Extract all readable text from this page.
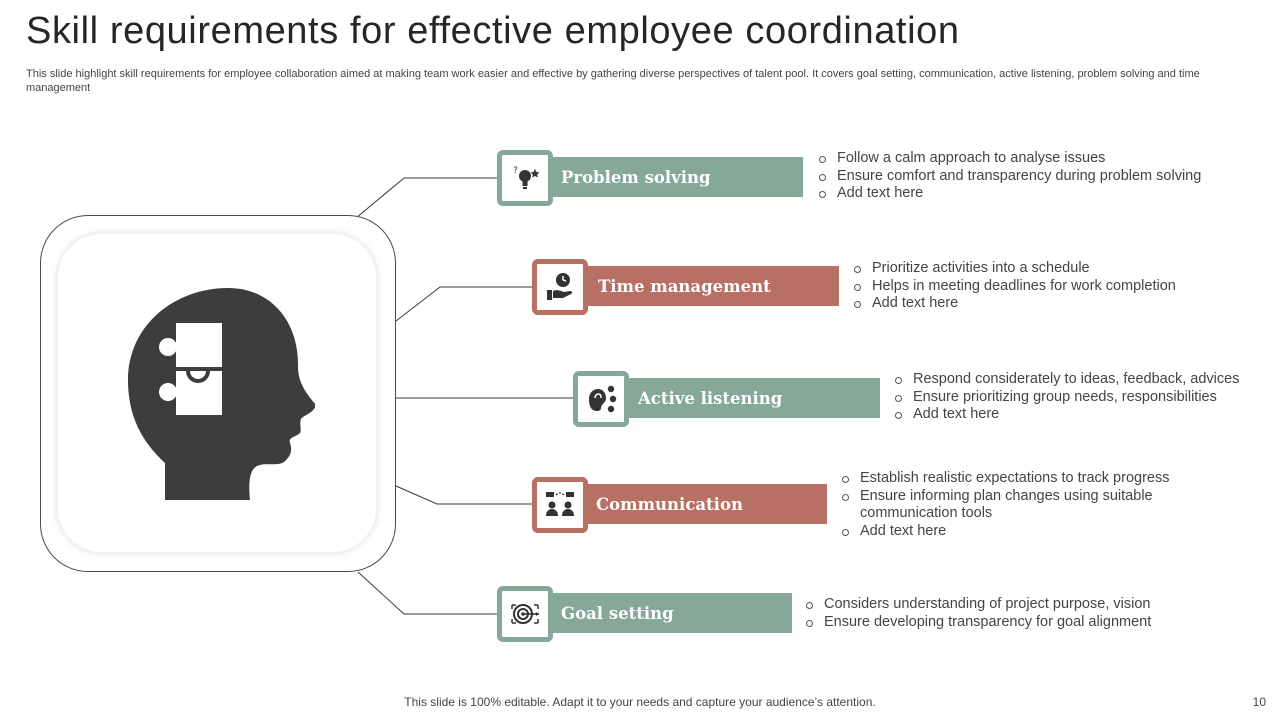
Skill requirements for effective employee coordination

This slide highlight skill requirements for employee collaboration aimed at making team work easier and effective by gathering diverse perspectives of talent pool. It covers goal setting, communication, active listening, problem solving and time management

Problem solving
?
Follow a calm approach to analyse issues
Ensure comfort and transparency during problem solving
Add text here
Time management
Prioritize activities into a schedule
Helps in meeting deadlines for work completion
Add text here
Active listening
Respond considerately to ideas, feedback, advices
Ensure prioritizing group needs, responsibilities
Add text here
Communication
Establish realistic expectations to track progress
Ensure informing plan changes using suitable communication tools
Add text here
Goal setting	Considers understanding of project purpose, vision
Ensure developing transparency for goal alignment
This slide is 100% editable. Adapt it to your needs and capture your audience’s attention.	10
